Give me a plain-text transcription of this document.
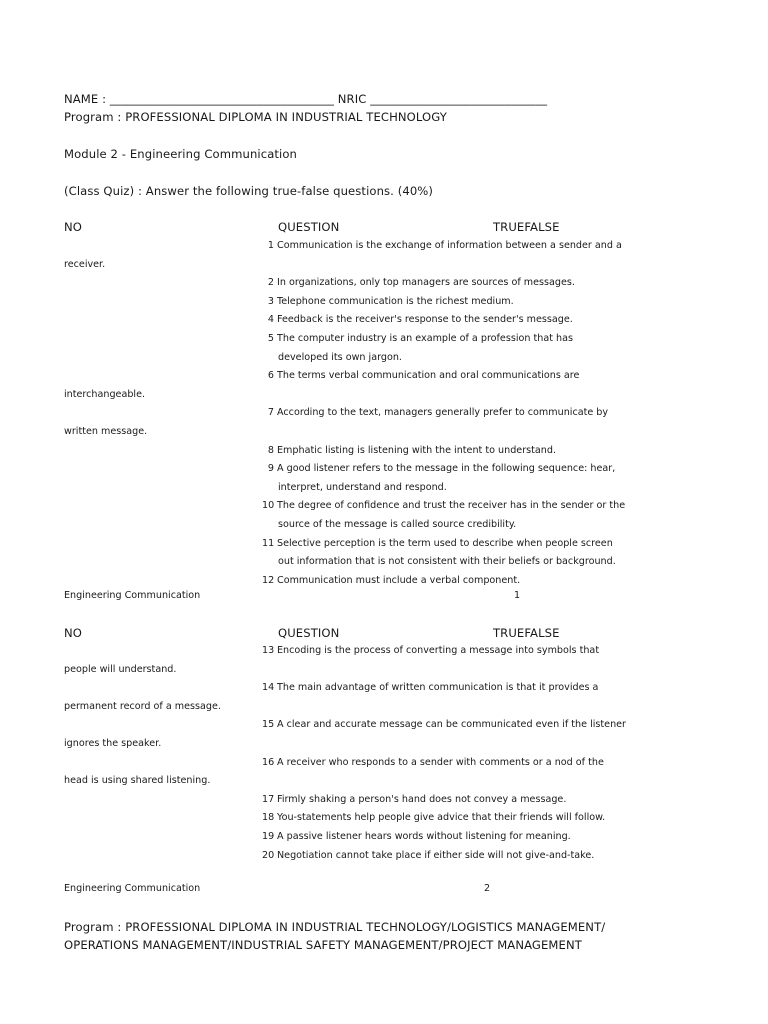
NAME : ______________________________________ NRIC ______________________________
Program : PROFESSIONAL DIPLOMA IN INDUSTRIAL TECHNOLOGY
Module 2 - Engineering Communication
(Class Quiz) : Answer the following true-false questions. (40%)
NO	QUESTION	TRUEFALSE
1 Communication is the exchange of information between a sender and a
receiver.
2 In organizations, only top managers are sources of messages.
3 Telephone communication is the richest medium.
4 Feedback is the receiver's response to the sender's message.
5 The computer industry is an example of a profession that has
developed its own jargon.
6 The terms verbal communication and oral communications are
interchangeable.
7 According to the text, managers generally prefer to communicate by
written message.
8 Emphatic listing is listening with the intent to understand.
9 A good listener refers to the message in the following sequence: hear,
interpret, understand and respond.
10 The degree of confidence and trust the receiver has in the sender or the
source of the message is called source credibility.
11 Selective perception is the term used to describe when people screen
out information that is not consistent with their beliefs or background.
12 Communication must include a verbal component.
Engineering Communication	1
NO	QUESTION	TRUEFALSE
13 Encoding is the process of converting a message into symbols that
people will understand.
14 The main advantage of written communication is that it provides a
permanent record of a message.
15 A clear and accurate message can be communicated even if the listener
ignores the speaker.
16 A receiver who responds to a sender with comments or a nod of the
head is using shared listening.
17 Firmly shaking a person's hand does not convey a message.
18 You-statements help people give advice that their friends will follow.
19 A passive listener hears words without listening for meaning.
20 Negotiation cannot take place if either side will not give-and-take.
Engineering Communication	2
Program : PROFESSIONAL DIPLOMA IN INDUSTRIAL TECHNOLOGY/LOGISTICS MANAGEMENT/
OPERATIONS MANAGEMENT/INDUSTRIAL SAFETY MANAGEMENT/PROJECT MANAGEMENT
